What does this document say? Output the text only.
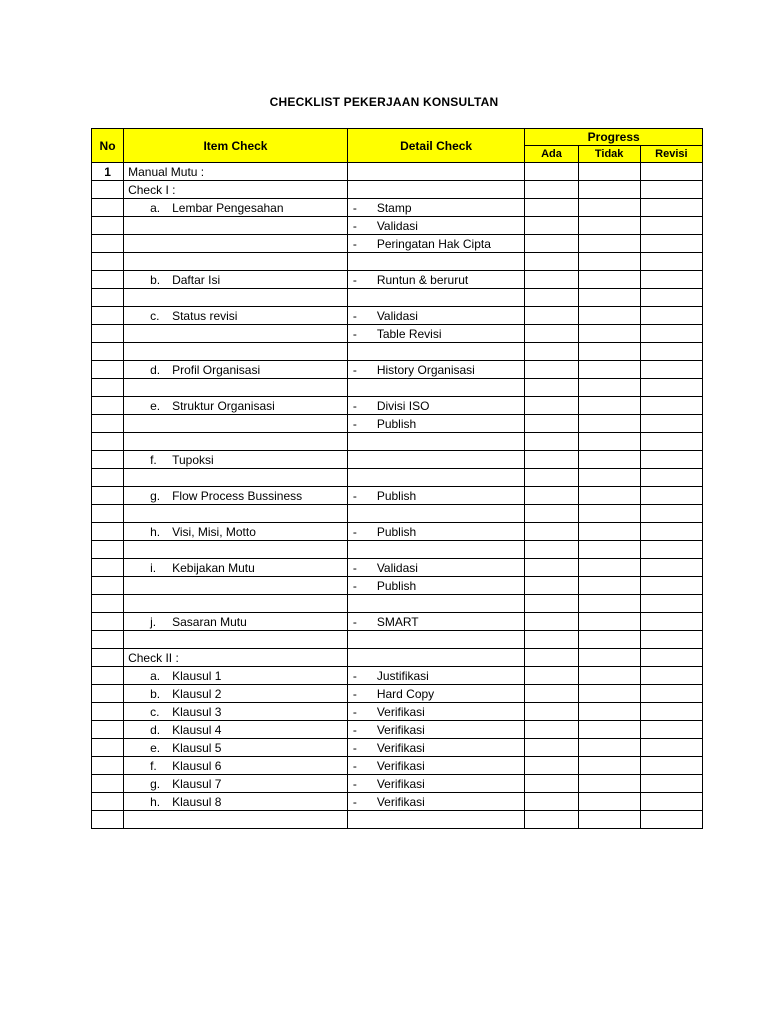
CHECKLIST PEKERJAAN KONSULTAN
No	Item Check	Detail Check	Progress		
			Ada	Tidak	Revisi
1	Manual Mutu :				
	Check I :				
	a. Lembar Pengesahan	- Stamp			
		- Validasi			
		- Peringatan Hak Cipta			

	b. Daftar Isi	- Runtun & berurut			

	c. Status revisi	- Validasi			
		- Table Revisi			

	d. Profil Organisasi	- History Organisasi			

	e. Struktur Organisasi	- Divisi ISO			
		- Publish			

	f. Tupoksi				

	g. Flow Process Bussiness	- Publish			

	h. Visi, Misi, Motto	- Publish			

	i. Kebijakan Mutu	- Validasi			
		- Publish			

	j. Sasaran Mutu	- SMART			

	Check II :				
	a. Klausul 1	- Justifikasi			
	b. Klausul 2	- Hard Copy			
	c. Klausul 3	- Verifikasi			
	d. Klausul 4	- Verifikasi			
	e. Klausul 5	- Verifikasi			
	f. Klausul 6	- Verifikasi			
	g. Klausul 7	- Verifikasi			
	h. Klausul 8	- Verifikasi			
